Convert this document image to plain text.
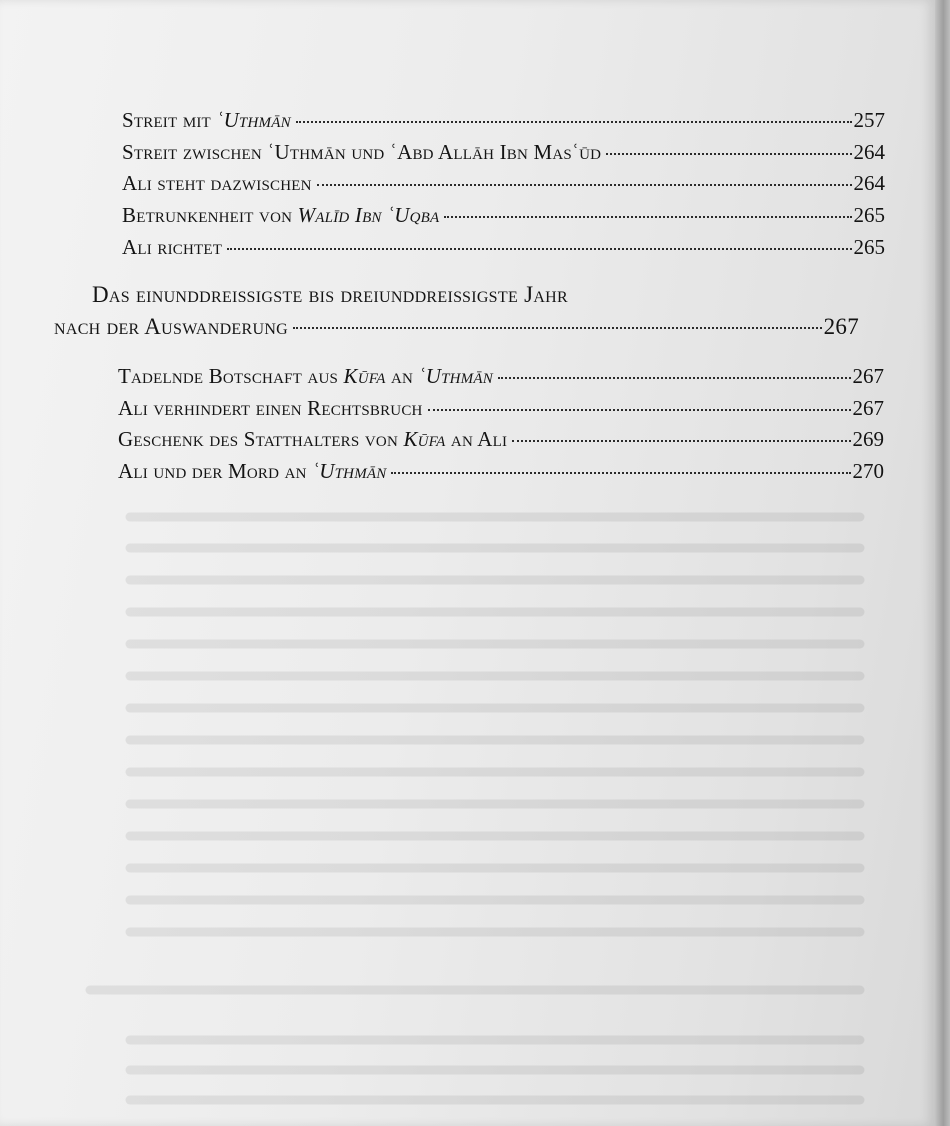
Streit mit ʿUthmān	257
Streit zwischen ʿUthmān und ʿAbd Allāh Ibn Masʿūd	264
Ali steht dazwischen	264
Betrunkenheit von Walīd Ibn ʿUqba	265
Ali richtet	265
Das einunddreißigste bis dreiunddreißigste Jahr
nach der Auswanderung	267
Tadelnde Botschaft aus Kūfa an ʿUthmān	267
Ali verhindert einen Rechtsbruch	267
Geschenk des Statthalters von Kūfa an Ali	269
Ali und der Mord an ʿUthmān	270
